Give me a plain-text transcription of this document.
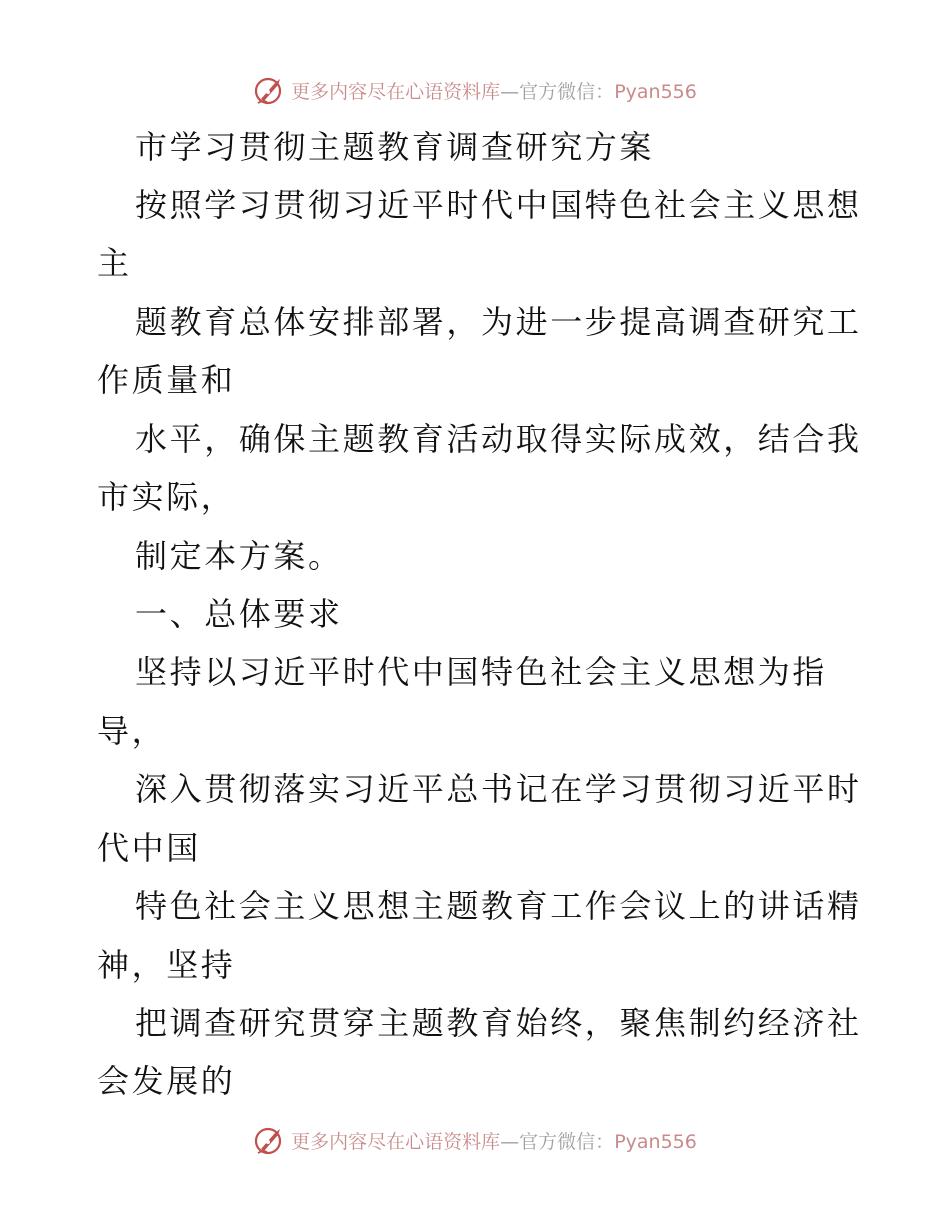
更多内容尽在心语资料库—官方微信：Pyan556
市学习贯彻主题教育调查研究方案
按照学习贯彻习近平时代中国特色社会主义思想
主
题教育总体安排部署，为进一步提高调查研究工
作质量和
水平，确保主题教育活动取得实际成效，结合我
市实际，
制定本方案。
一、总体要求
坚持以习近平时代中国特色社会主义思想为指
导，
深入贯彻落实习近平总书记在学习贯彻习近平时
代中国
特色社会主义思想主题教育工作会议上的讲话精
神，坚持
把调查研究贯穿主题教育始终，聚焦制约经济社
会发展的
更多内容尽在心语资料库—官方微信：Pyan556
